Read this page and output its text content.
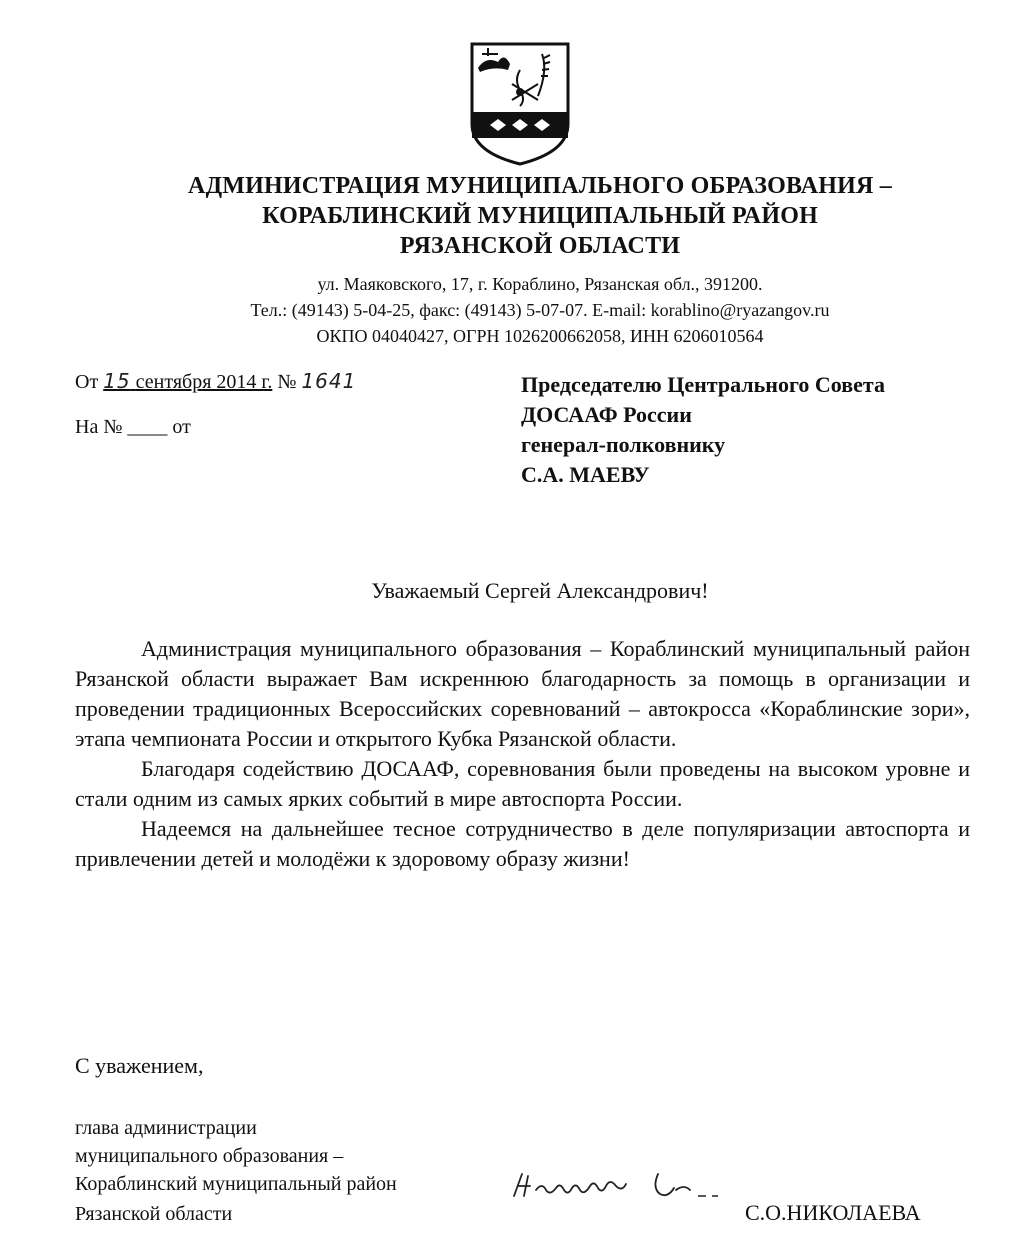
АДМИНИСТРАЦИЯ МУНИЦИПАЛЬНОГО ОБРАЗОВАНИЯ –
КОРАБЛИНСКИЙ МУНИЦИПАЛЬНЫЙ РАЙОН
РЯЗАНСКОЙ ОБЛАСТИ
ул. Маяковского, 17, г. Кораблино, Рязанская обл., 391200.
Тел.: (49143) 5-04-25, факс: (49143) 5-07-07. E-mail: korablino@ryazangov.ru
ОКПО 04040427, ОГРН 1026200662058, ИНН 6206010564
От 15 сентября 2014 г. № 1641
На № ____ от
Председателю Центрального Совета
ДОСААФ России
генерал-полковнику
С.А. МАЕВУ
Уважаемый Сергей Александрович!

Администрация муниципального образования – Кораблинский муниципальный район Рязанской области выражает Вам искреннюю благодарность за помощь в организации и проведении традиционных Всероссийских соревнований – автокросса «Кораблинские зори», этапа чемпионата России и открытого Кубка Рязанской области.

Благодаря содействию ДОСААФ, соревнования были проведены на высоком уровне и стали одним из самых ярких событий в мире автоспорта России.

Надеемся на дальнейшее тесное сотрудничество в деле популяризации автоспорта и привлечении детей и молодёжи к здоровому образу жизни!

С уважением,
глава администрации
муниципального образования –
Кораблинский муниципальный район
Рязанской области	С.О.НИКОЛАЕВА
